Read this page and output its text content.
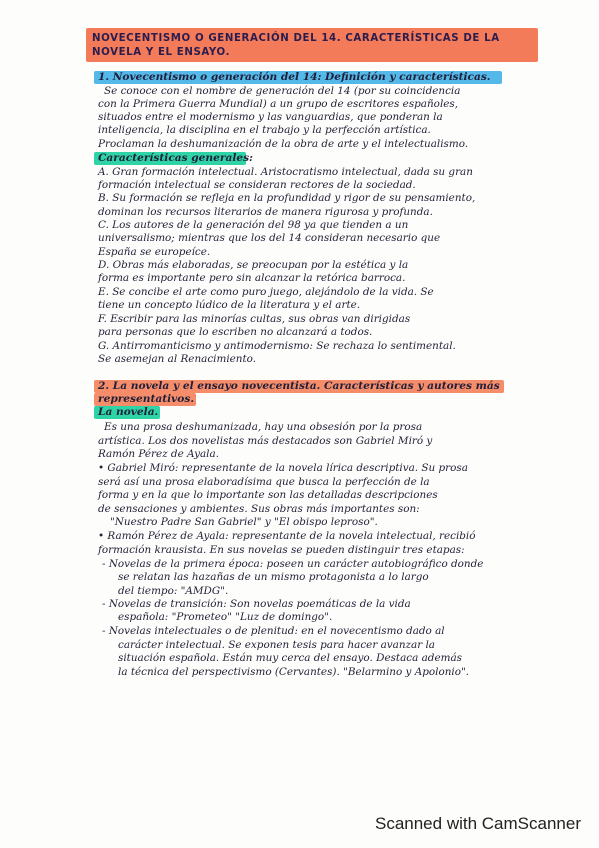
NOVECENTISMO O GENERACIÓN DEL 14. CARACTERÍSTICAS DE LA
NOVELA Y EL ENSAYO.
1. Novecentismo o generación del 14: Definición y características.
Se conoce con el nombre de generación del 14 (por su coincidencia
con la Primera Guerra Mundial) a un grupo de escritores españoles,
situados entre el modernismo y las vanguardias, que ponderan la
inteligencia, la disciplina en el trabajo y la perfección artística.
Proclaman la deshumanización de la obra de arte y el intelectualismo.
Características generales:
A. Gran formación intelectual. Aristocratismo intelectual, dada su gran
formación intelectual se consideran rectores de la sociedad.
B. Su formación se refleja en la profundidad y rigor de su pensamiento,
dominan los recursos literarios de manera rigurosa y profunda.
C. Los autores de la generación del 98 ya que tienden a un
universalismo; mientras que los del 14 consideran necesario que
España se europeíce.
D. Obras más elaboradas, se preocupan por la estética y la
forma es importante pero sin alcanzar la retórica barroca.
E. Se concibe el arte como puro juego, alejándolo de la vida. Se
tiene un concepto lúdico de la literatura y el arte.
F. Escribir para las minorías cultas, sus obras van dirigidas
para personas que lo escriben no alcanzará a todos.
G. Antirromanticismo y antimodernismo: Se rechaza lo sentimental.
Se asemejan al Renacimiento.
2. La novela y el ensayo novecentista. Características y autores más
representativos.
La novela.
Es una prosa deshumanizada, hay una obsesión por la prosa
artística. Los dos novelistas más destacados son Gabriel Miró y
Ramón Pérez de Ayala.
• Gabriel Miró: representante de la novela lírica descriptiva. Su prosa
será así una prosa elaboradísima que busca la perfección de la
forma y en la que lo importante son las detalladas descripciones
de sensaciones y ambientes. Sus obras más importantes son:
"Nuestro Padre San Gabriel" y "El obispo leproso".
• Ramón Pérez de Ayala: representante de la novela intelectual, recibió
formación krausista. En sus novelas se pueden distinguir tres etapas:
- Novelas de la primera época: poseen un carácter autobiográfico donde
se relatan las hazañas de un mismo protagonista a lo largo
del tiempo: "AMDG".
- Novelas de transición: Son novelas poemáticas de la vida
española: "Prometeo" "Luz de domingo".
- Novelas intelectuales o de plenitud: en el novecentismo dado al
carácter intelectual. Se exponen tesis para hacer avanzar la
situación española. Están muy cerca del ensayo. Destaca además
la técnica del perspectivismo (Cervantes). "Belarmino y Apolonio".
Scanned with CamScanner
